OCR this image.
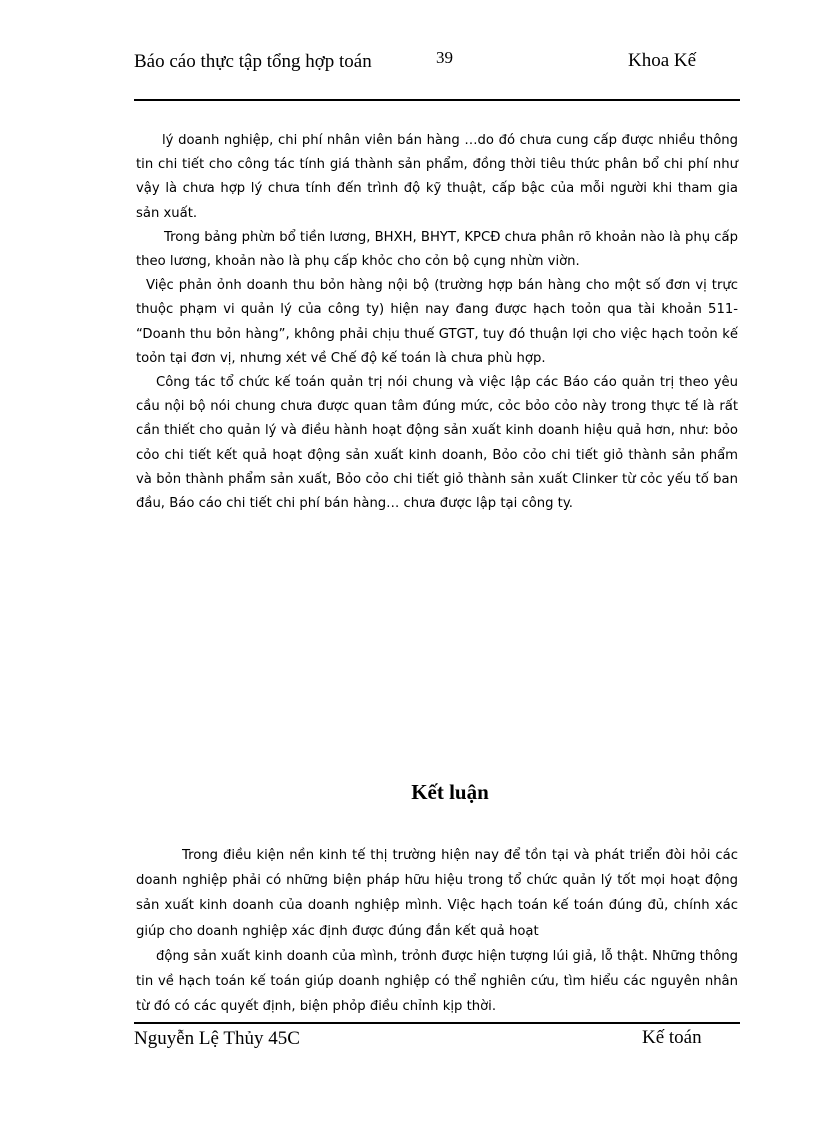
Báo cáo thực tập tổng hợp toán	39	Khoa Kế

lý doanh nghiệp, chi phí nhân viên bán hàng …do đó chưa cung cấp được nhiều thông tin chi tiết cho công tác tính giá thành sản phẩm, đồng thời tiêu thức phân bổ chi phí như vậy là chưa hợp lý chưa tính đến trình độ kỹ thuật, cấp bậc của mỗi người khi tham gia sản xuất.

Trong bảng phừn bổ tiền lương, BHXH, BHYT, KPCĐ chưa phân rõ khoản nào là phụ cấp theo lương, khoản nào là phụ cấp khỏc cho cỏn bộ cụng nhừn viờn.

Việc phản ỏnh doanh thu bỏn hàng nội bộ (trường hợp bán hàng cho một số đơn vị trực thuộc phạm vi quản lý của công ty) hiện nay đang được hạch toỏn qua tài khoản 511- “Doanh thu bỏn hàng”, không phải chịu thuế GTGT, tuy đó thuận lợi cho việc hạch toỏn kế toỏn tại đơn vị, nhưng xét về Chế độ kế toán là chưa phù hợp.

Công tác tổ chức kế toán quản trị nói chung và việc lập các Báo cáo quản trị theo yêu cầu nội bộ nói chung chưa được quan tâm đúng mức, cỏc bỏo cỏo này trong thực tế là rất cần thiết cho quản lý và điều hành hoạt động sản xuất kinh doanh hiệu quả hơn, như: bỏo cỏo chi tiết kết quả hoạt động sản xuất kinh doanh, Bỏo cỏo chi tiết giỏ thành sản phẩm và bỏn thành phẩm sản xuất, Bỏo cỏo chi tiết giỏ thành sản xuất Clinker từ cỏc yếu tố ban đầu, Báo cáo chi tiết chi phí bán hàng… chưa được lập tại công ty.

Kết luận

Trong điều kiện nền kinh tế thị trường hiện nay để tồn tại và phát triển đòi hỏi các doanh nghiệp phải có những biện pháp hữu hiệu trong tổ chức quản lý tốt mọi hoạt động sản xuất kinh doanh của doanh nghiệp mình. Việc hạch toán kế toán đúng đủ, chính xác giúp cho doanh nghiệp xác định được đúng đắn kết quả hoạt

động sản xuất kinh doanh của mình, trỏnh được hiện tượng lúi giả, lỗ thật. Những thông tin về hạch toán kế toán giúp doanh nghiệp có thể nghiên cứu, tìm hiểu các nguyên nhân từ đó có các quyết định, biện phỏp điều chỉnh kịp thời.

Nguyễn Lệ Thủy 45C	Kế toán
